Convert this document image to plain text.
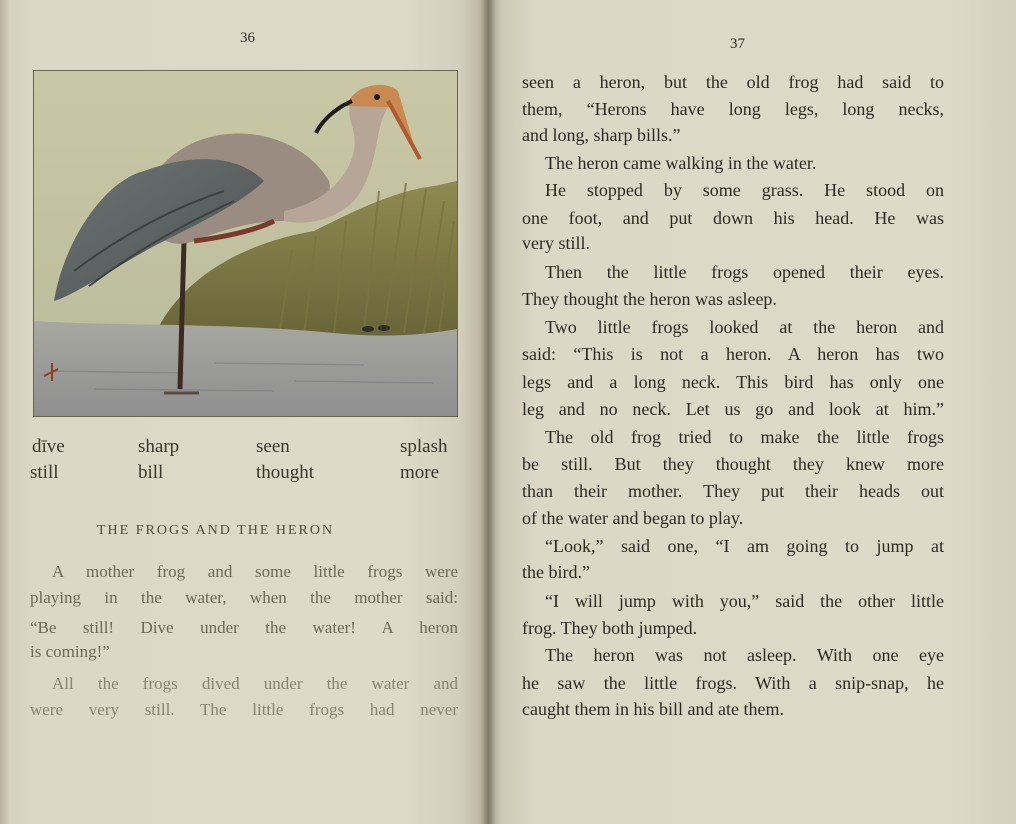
36
dīve	sharp	seen	splash
still	bill	thought	more
THE FROGS AND THE HERON
A mother frog and some little frogs were
playing in the water, when the mother said:
“Be still! Dive under the water! A heron
is coming!”
All the frogs dived under the water and
were very still. The little frogs had never
37
seen a heron, but the old frog had said to
them, “Herons have long legs, long necks,
and long, sharp bills.”
The heron came walking in the water.
He stopped by some grass. He stood on
one foot, and put down his head. He was
very still.
Then the little frogs opened their eyes.
They thought the heron was asleep.
Two little frogs looked at the heron and
said: “This is not a heron. A heron has two
legs and a long neck. This bird has only one
leg and no neck. Let us go and look at him.”
The old frog tried to make the little frogs
be still. But they thought they knew more
than their mother. They put their heads out
of the water and began to play.
“Look,” said one, “I am going to jump at
the bird.”
“I will jump with you,” said the other little
frog. They both jumped.
The heron was not asleep. With one eye
he saw the little frogs. With a snip-snap, he
caught them in his bill and ate them.
